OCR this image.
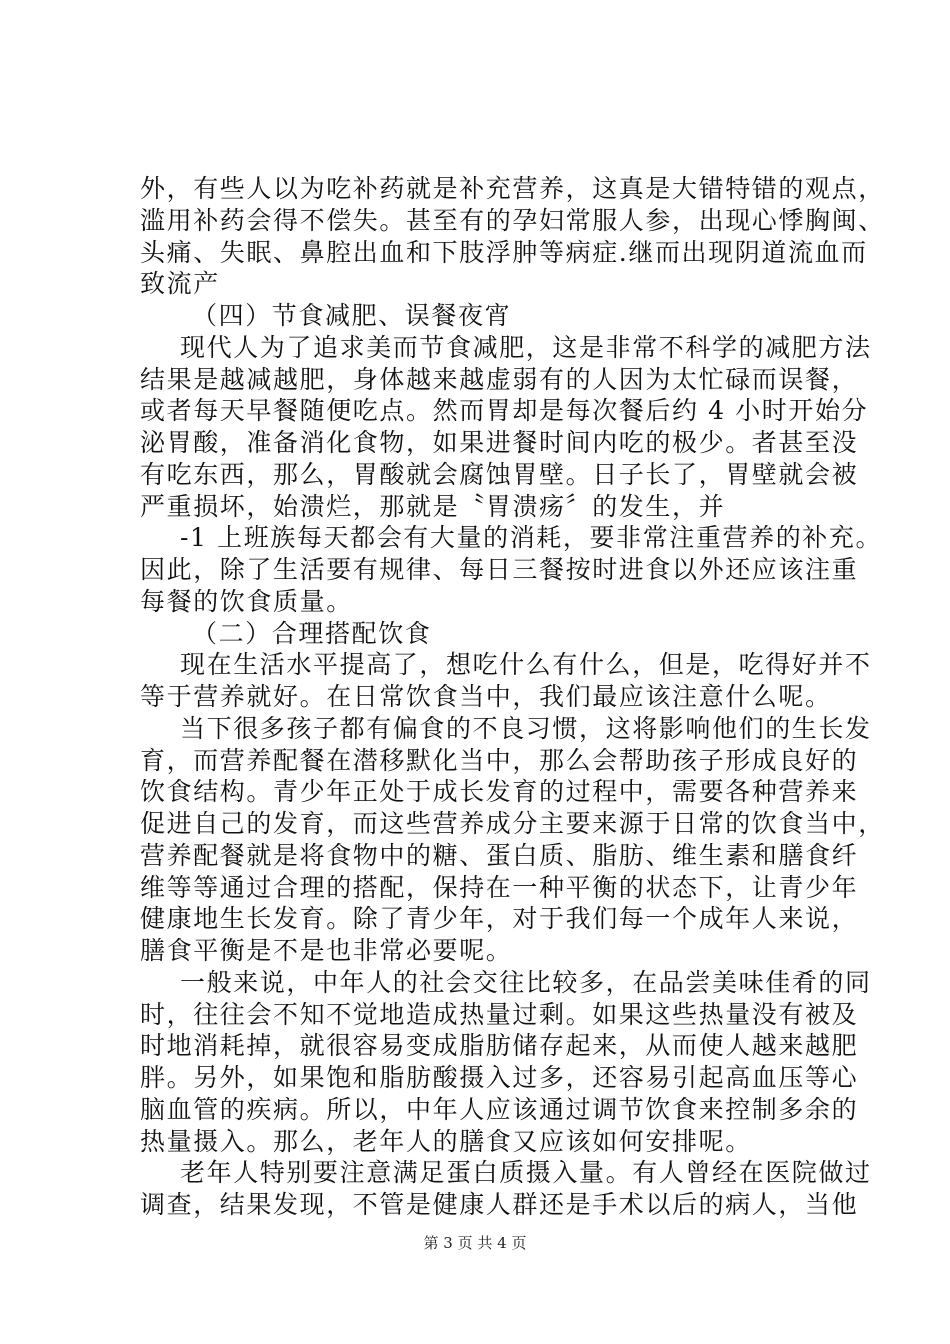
外，有些人以为吃补药就是补充营养，这真是大错特错的观点，
滥用补药会得不偿失。甚至有的孕妇常服人参，出现心悸胸闽、
头痛、失眠、鼻腔出血和下肢浮肿等病症.继而出现阴道流血而
致流产
（四）节食减肥、误餐夜宵
现代人为了追求美而节食减肥，这是非常不科学的减肥方法
结果是越减越肥，身体越来越虚弱有的人因为太忙碌而误餐，
或者每天早餐随便吃点。然而胃却是每次餐后约 4 小时开始分
泌胃酸，准备消化食物，如果进餐时间内吃的极少。者甚至没
有吃东西，那么，胃酸就会腐蚀胃壁。日子长了，胃壁就会被
严重损坏，始溃烂，那就是〝胃溃疡〞的发生，并
-1 上班族每天都会有大量的消耗，要非常注重营养的补充。
因此，除了生活要有规律、每日三餐按时进食以外还应该注重
每餐的饮食质量。
（二）合理搭配饮食
现在生活水平提高了，想吃什么有什么，但是，吃得好并不
等于营养就好。在日常饮食当中，我们最应该注意什么呢。
当下很多孩子都有偏食的不良习惯，这将影响他们的生长发
育，而营养配餐在潜移默化当中，那么会帮助孩子形成良好的
饮食结构。青少年正处于成长发育的过程中，需要各种营养来
促进自己的发育，而这些营养成分主要来源于日常的饮食当中，
营养配餐就是将食物中的糖、蛋白质、脂肪、维生素和膳食纤
维等等通过合理的搭配，保持在一种平衡的状态下，让青少年
健康地生长发育。除了青少年，对于我们每一个成年人来说，
膳食平衡是不是也非常必要呢。
一般来说，中年人的社会交往比较多，在品尝美味佳肴的同
时，往往会不知不觉地造成热量过剩。如果这些热量没有被及
时地消耗掉，就很容易变成脂肪储存起来，从而使人越来越肥
胖。另外，如果饱和脂肪酸摄入过多，还容易引起高血压等心
脑血管的疾病。所以，中年人应该通过调节饮食来控制多余的
热量摄入。那么，老年人的膳食又应该如何安排呢。
老年人特别要注意满足蛋白质摄入量。有人曾经在医院做过
调查，结果发现，不管是健康人群还是手术以后的病人，当他
第 3 页 共 4 页
